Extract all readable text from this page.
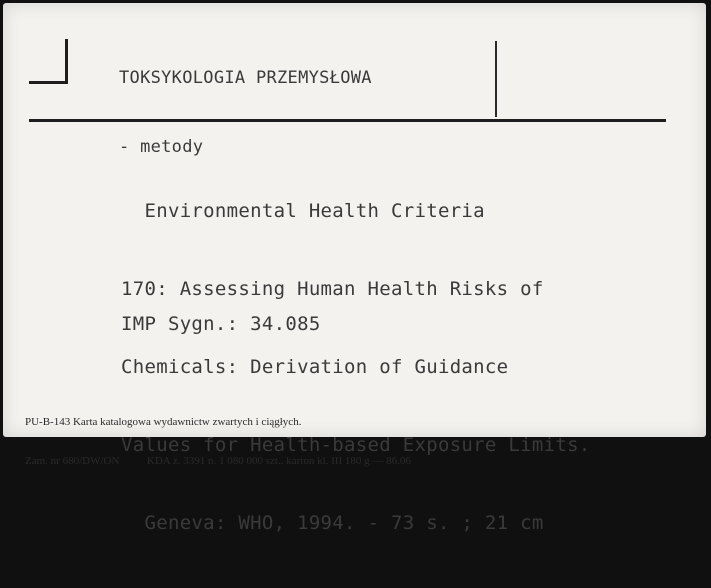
TOKSYKOLOGIA PRZEMYSŁOWA

- metody

Environmental Health Criteria

170: Assessing Human Health Risks of

Chemicals: Derivation of Guidance

Values for Health-based Exposure Limits.

Geneva: WHO, 1994. - 73 s. ; 21 cm

IMP Sygn.: 34.085

PU-B-143 Karta katalogowa wydawnictw zwartych i ciągłych.

Zam. nr 680/DW/ON          KDA z. 3391 n. 1 080 000 szt.. karton kl. III 180 g — 86.06
